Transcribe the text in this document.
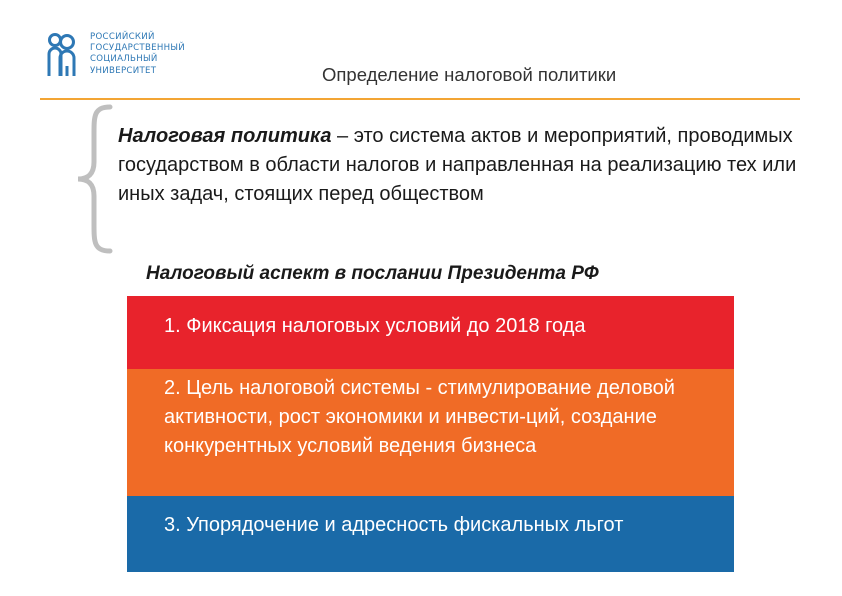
РОССИЙСКИЙ
ГОСУДАРСТВЕННЫЙ
СОЦИАЛЬНЫЙ
УНИВЕРСИТЕТ	Определение налоговой политики
Налоговая политика – это система актов и мероприятий, проводимых государством в области налогов и направленная на реализацию тех или иных задач, стоящих перед обществом
Налоговый аспект в послании Президента РФ
1. Фиксация налоговых условий до 2018 года
2. Цель налоговой системы - стимулирование деловой активности, рост экономики и инвести-ций, создание конкурентных условий ведения бизнеса
3. Упорядочение и адресность фискальных льгот
